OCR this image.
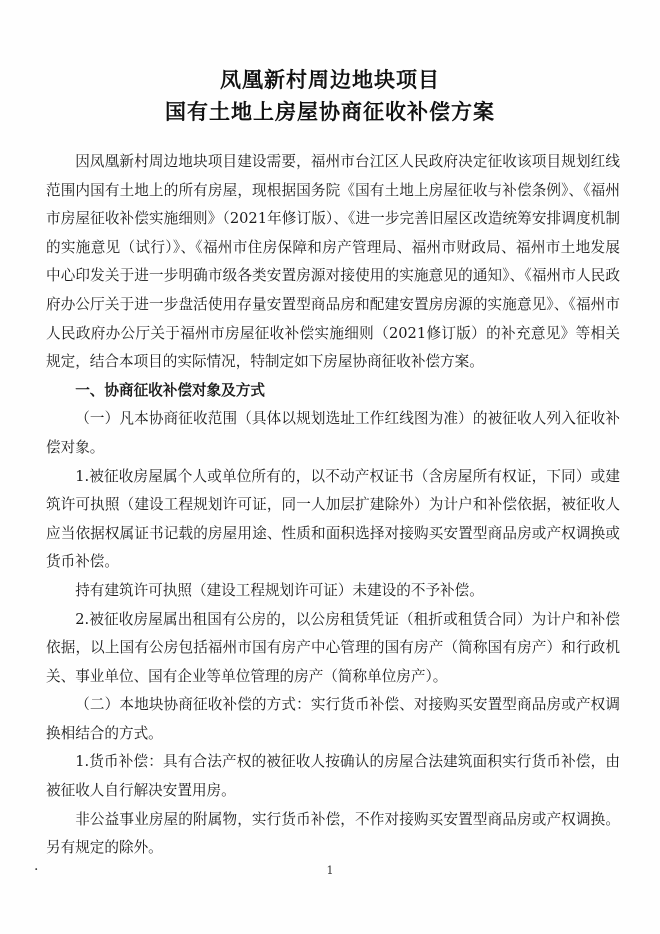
凤凰新村周边地块项目
国有土地上房屋协商征收补偿方案

因凤凰新村周边地块项目建设需要，福州市台江区人民政府决定征收该项目规划红线范围内国有土地上的所有房屋，现根据国务院《国有土地上房屋征收与补偿条例》、《福州市房屋征收补偿实施细则》（2021年修订版）、《进一步完善旧屋区改造统筹安排调度机制的实施意见（试行）》、《福州市住房保障和房产管理局、福州市财政局、福州市土地发展中心印发关于进一步明确市级各类安置房源对接使用的实施意见的通知》、《福州市人民政府办公厅关于进一步盘活使用存量安置型商品房和配建安置房房源的实施意见》、《福州市人民政府办公厅关于福州市房屋征收补偿实施细则（2021修订版）的补充意见》等相关规定，结合本项目的实际情况，特制定如下房屋协商征收补偿方案。

一、协商征收补偿对象及方式

（一）凡本协商征收范围（具体以规划选址工作红线图为准）的被征收人列入征收补偿对象。

1.被征收房屋属个人或单位所有的，以不动产权证书（含房屋所有权证，下同）或建筑许可执照（建设工程规划许可证，同一人加层扩建除外）为计户和补偿依据，被征收人应当依据权属证书记载的房屋用途、性质和面积选择对接购买安置型商品房或产权调换或货币补偿。

持有建筑许可执照（建设工程规划许可证）未建设的不予补偿。

2.被征收房屋属出租国有公房的，以公房租赁凭证（租折或租赁合同）为计户和补偿依据，以上国有公房包括福州市国有房产中心管理的国有房产（简称国有房产）和行政机关、事业单位、国有企业等单位管理的房产（简称单位房产）。

（二）本地块协商征收补偿的方式：实行货币补偿、对接购买安置型商品房或产权调换相结合的方式。

1.货币补偿：具有合法产权的被征收人按确认的房屋合法建筑面积实行货币补偿，由被征收人自行解决安置用房。

非公益事业房屋的附属物，实行货币补偿，不作对接购买安置型商品房或产权调换。另有规定的除外。

·	1
